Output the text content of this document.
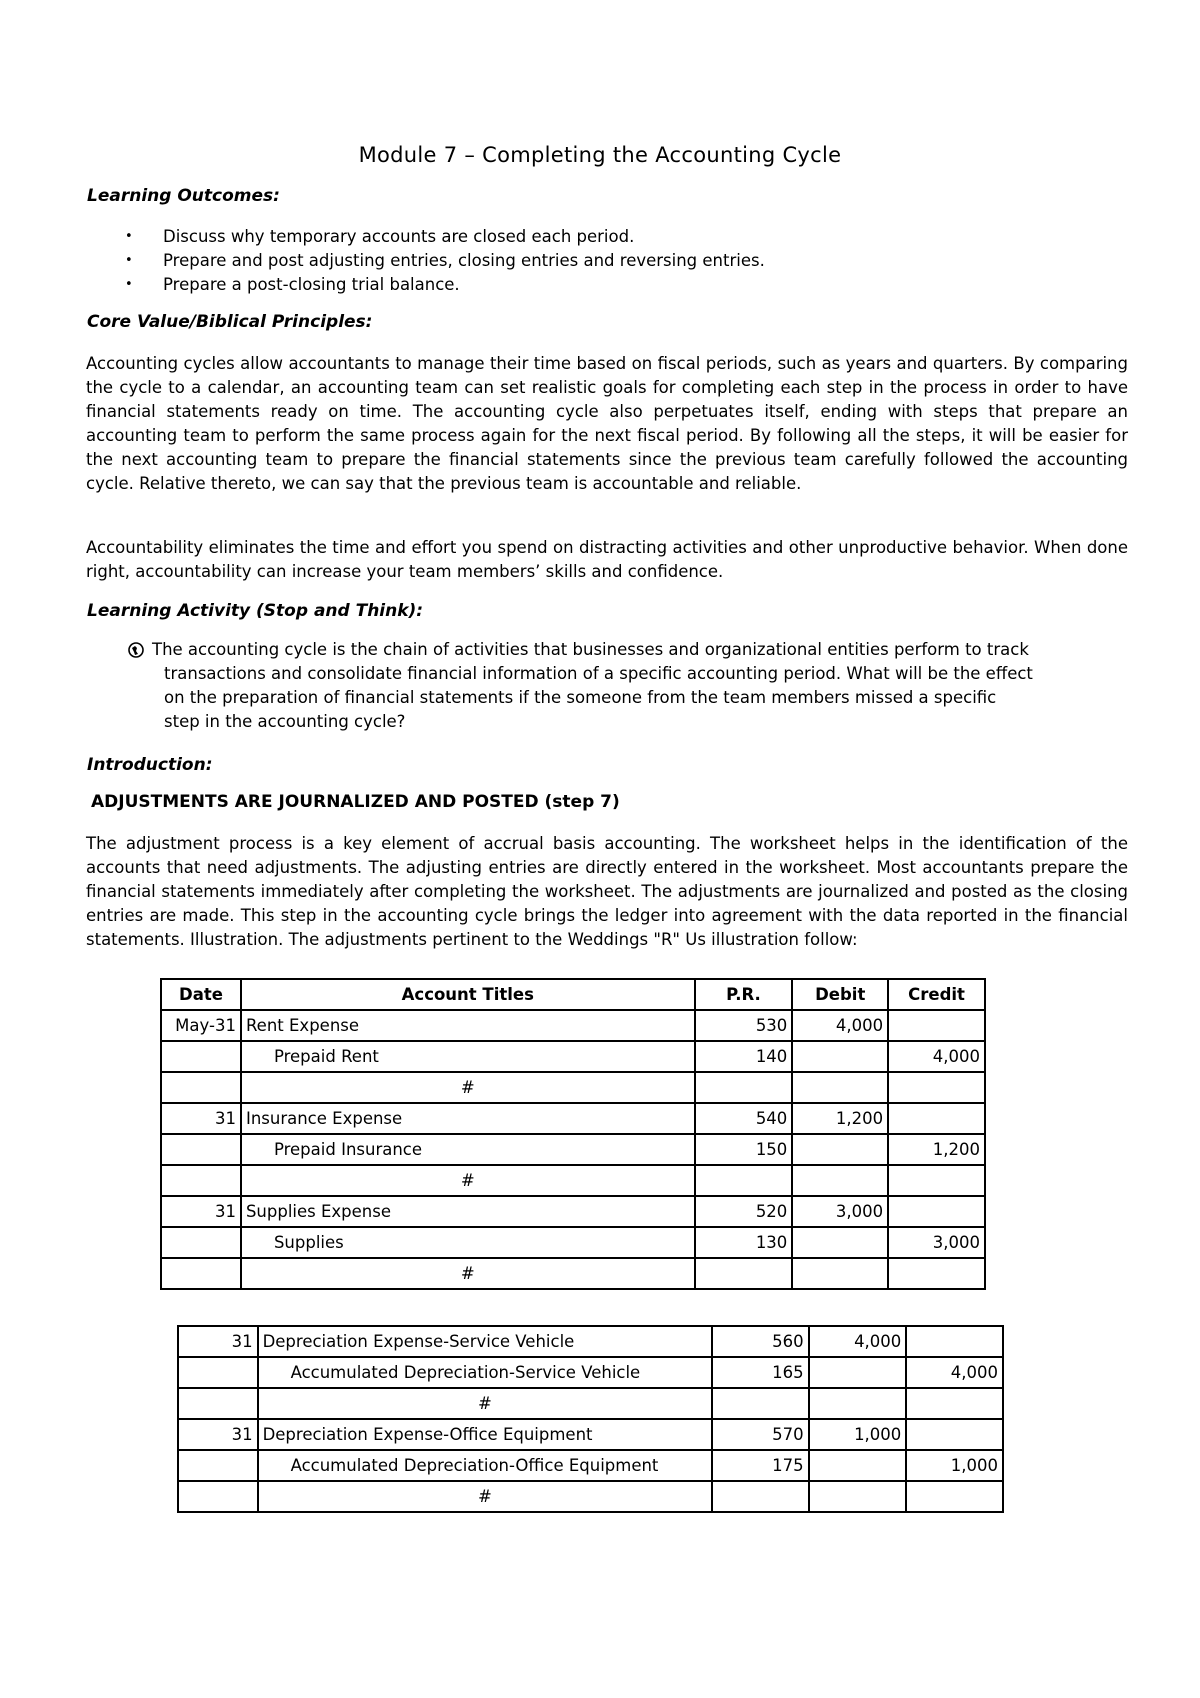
Module 7 – Completing the Accounting Cycle
Learning Outcomes:
• Discuss why temporary accounts are closed each period.
• Prepare and post adjusting entries, closing entries and reversing entries.
• Prepare a post-closing trial balance.
Core Value/Biblical Principles:

Accounting cycles allow accountants to manage their time based on fiscal periods, such as years and quarters. By comparing the cycle to a calendar, an accounting team can set realistic goals for completing each step in the process in order to have financial statements ready on time. The accounting cycle also perpetuates itself, ending with steps that prepare an accounting team to perform the same process again for the next fiscal period. By following all the steps, it will be easier for the next accounting team to prepare the financial statements since the previous team carefully followed the accounting cycle. Relative thereto, we can say that the previous team is accountable and reliable.

Accountability eliminates the time and effort you spend on distracting activities and other unproductive behavior. When done right, accountability can increase your team members’ skills and confidence.

Learning Activity (Stop and Think):
The accounting cycle is the chain of activities that businesses and organizational entities perform to track
transactions and consolidate financial information of a specific accounting period. What will be the effect
on the preparation of financial statements if the someone from the team members missed a specific
step in the accounting cycle?
Introduction:
ADJUSTMENTS ARE JOURNALIZED AND POSTED (step 7)

The adjustment process is a key element of accrual basis accounting. The worksheet helps in the identification of the accounts that need adjustments. The adjusting entries are directly entered in the worksheet. Most accountants prepare the financial statements immediately after completing the worksheet. The adjustments are journalized and posted as the closing entries are made. This step in the accounting cycle brings the ledger into agreement with the data reported in the financial statements. Illustration. The adjustments pertinent to the Weddings "R" Us illustration follow:

Date	Account Titles	P.R.	Debit	Credit
May-31	Rent Expense	530	4,000	
	Prepaid Rent	140		4,000
	#			
31	Insurance Expense	540	1,200	
	Prepaid Insurance	150		1,200
	#			
31	Supplies Expense	520	3,000	
	Supplies	130		3,000
	#			
31	Depreciation Expense-Service Vehicle	560	4,000	
	Accumulated Depreciation-Service Vehicle	165		4,000
	#			
31	Depreciation Expense-Office Equipment	570	1,000	
	Accumulated Depreciation-Office Equipment	175		1,000
	#			
